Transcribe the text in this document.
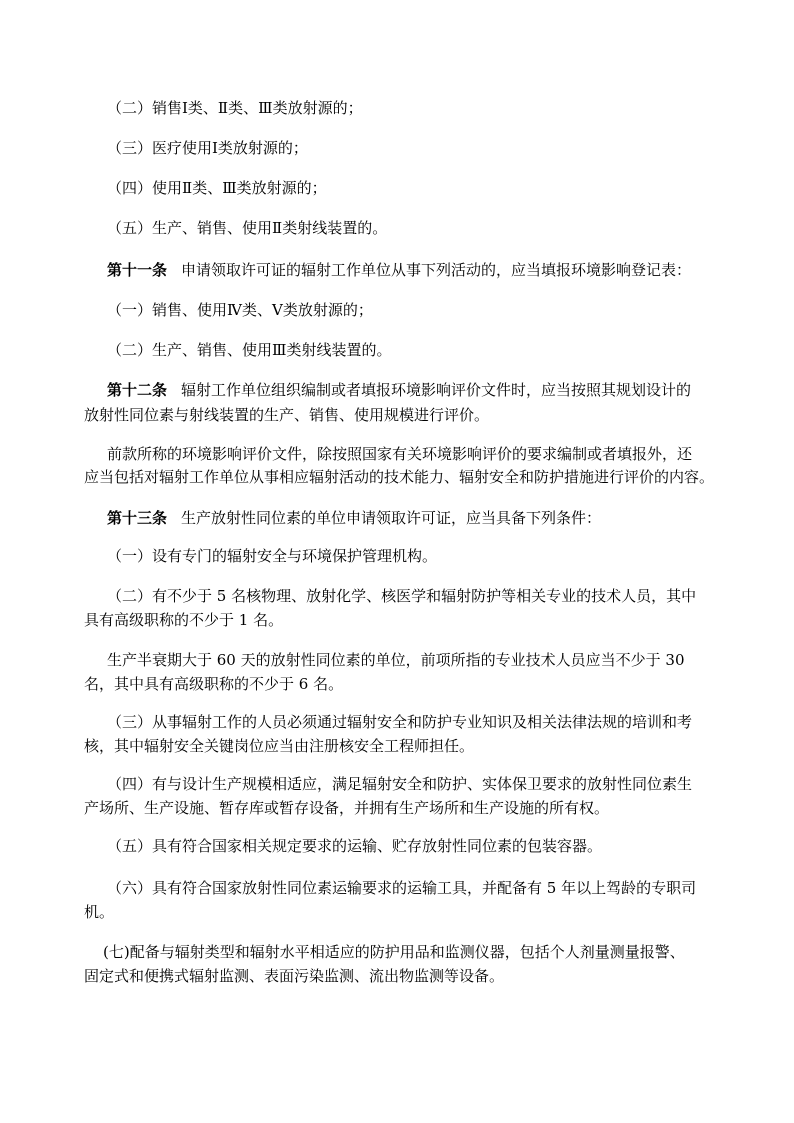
（二）销售Ⅰ类、Ⅱ类、Ⅲ类放射源的；

（三）医疗使用Ⅰ类放射源的；

（四）使用Ⅱ类、Ⅲ类放射源的；

（五）生产、销售、使用Ⅱ类射线装置的。

第十一条 申请领取许可证的辐射工作单位从事下列活动的，应当填报环境影响登记表：

（一）销售、使用Ⅳ类、Ⅴ类放射源的；

（二）生产、销售、使用Ⅲ类射线装置的。

第十二条 辐射工作单位组织编制或者填报环境影响评价文件时，应当按照其规划设计的

放射性同位素与射线装置的生产、销售、使用规模进行评价。

前款所称的环境影响评价文件，除按照国家有关环境影响评价的要求编制或者填报外，还

应当包括对辐射工作单位从事相应辐射活动的技术能力、辐射安全和防护措施进行评价的内容。

第十三条 生产放射性同位素的单位申请领取许可证，应当具备下列条件：

（一）设有专门的辐射安全与环境保护管理机构。

（二）有不少于 5 名核物理、放射化学、核医学和辐射防护等相关专业的技术人员，其中

具有高级职称的不少于 1 名。

生产半衰期大于 60 天的放射性同位素的单位，前项所指的专业技术人员应当不少于 30

名，其中具有高级职称的不少于 6 名。

（三）从事辐射工作的人员必须通过辐射安全和防护专业知识及相关法律法规的培训和考

核，其中辐射安全关键岗位应当由注册核安全工程师担任。

（四）有与设计生产规模相适应，满足辐射安全和防护、实体保卫要求的放射性同位素生

产场所、生产设施、暂存库或暂存设备，并拥有生产场所和生产设施的所有权。

（五）具有符合国家相关规定要求的运输、贮存放射性同位素的包装容器。

（六）具有符合国家放射性同位素运输要求的运输工具，并配备有 5 年以上驾龄的专职司

机。

(七)配备与辐射类型和辐射水平相适应的防护用品和监测仪器，包括个人剂量测量报警、

固定式和便携式辐射监测、表面污染监测、流出物监测等设备。
